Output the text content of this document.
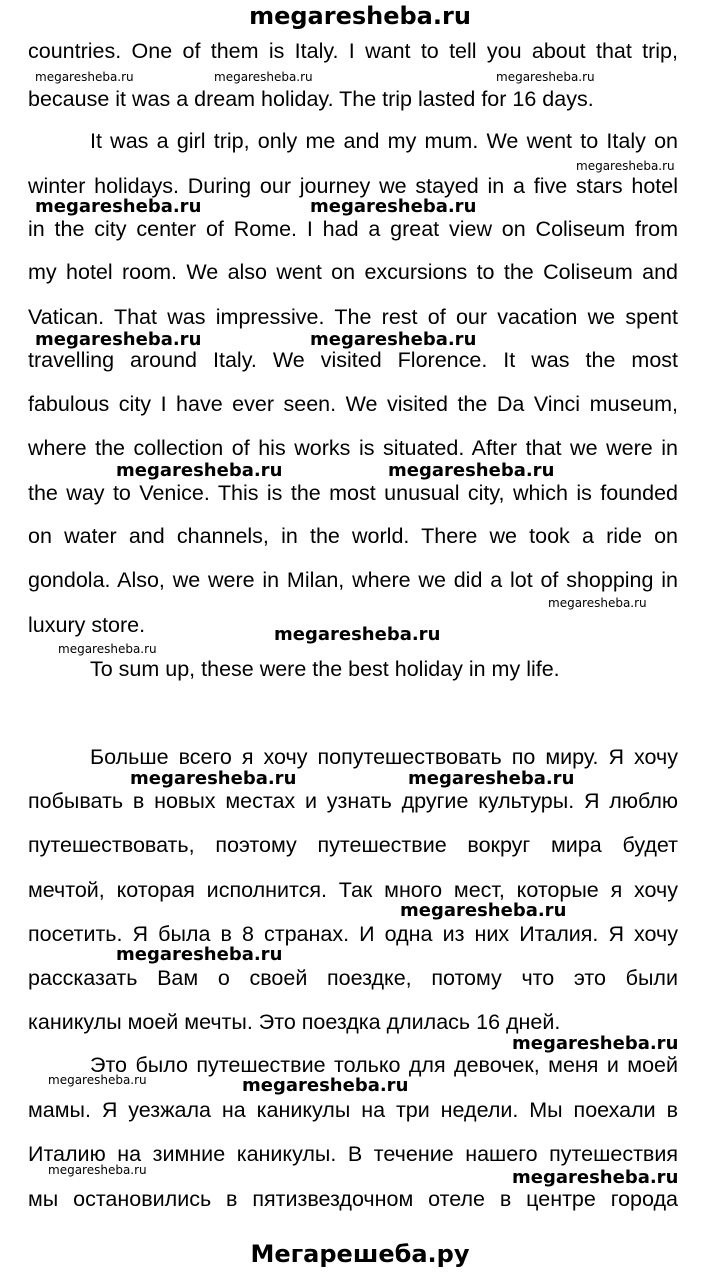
megaresheba.ru
countries. One of them is Italy. I want to tell you about that trip,
because it was a dream holiday. The trip lasted for 16 days.
It was a girl trip, only me and my mum. We went to Italy on
winter holidays. During our journey we stayed in a five stars hotel
in the city center of Rome. I had a great view on Coliseum from
my hotel room. We also went on excursions to the Coliseum and
Vatican. That was impressive. The rest of our vacation we spent
travelling around Italy. We visited Florence. It was the most
fabulous city I have ever seen. We visited the Da Vinci museum,
where the collection of his works is situated. After that we were in
the way to Venice. This is the most unusual city, which is founded
on water and channels, in the world. There we took a ride on
gondola. Also, we were in Milan, where we did a lot of shopping in
luxury store.
To sum up, these were the best holiday in my life.
Больше всего я хочу попутешествовать по миру. Я хочу
побывать в новых местах и узнать другие культуры. Я люблю
путешествовать, поэтому путешествие вокруг мира будет
мечтой, которая исполнится. Так много мест, которые я хочу
посетить. Я была в 8 странах. И одна из них Италия. Я хочу
рассказать Вам о своей поездке, потому что это были
каникулы моей мечты. Это поездка длилась 16 дней.
Это было путешествие только для девочек, меня и моей
мамы. Я уезжала на каникулы на три недели. Мы поехали в
Италию на зимние каникулы. В течение нашего путешествия
мы остановились в пятизвездочном отеле в центре города
megaresheba.ru	megaresheba.ru	megaresheba.ru
megaresheba.ru
megaresheba.ru	megaresheba.ru
megaresheba.ru	megaresheba.ru
megaresheba.ru	megaresheba.ru
megaresheba.ru
megaresheba.ru
megaresheba.ru
megaresheba.ru	megaresheba.ru
megaresheba.ru
megaresheba.ru
megaresheba.ru
megaresheba.ru	megaresheba.ru
megaresheba.ru	megaresheba.ru
Мегарешеба.ру
